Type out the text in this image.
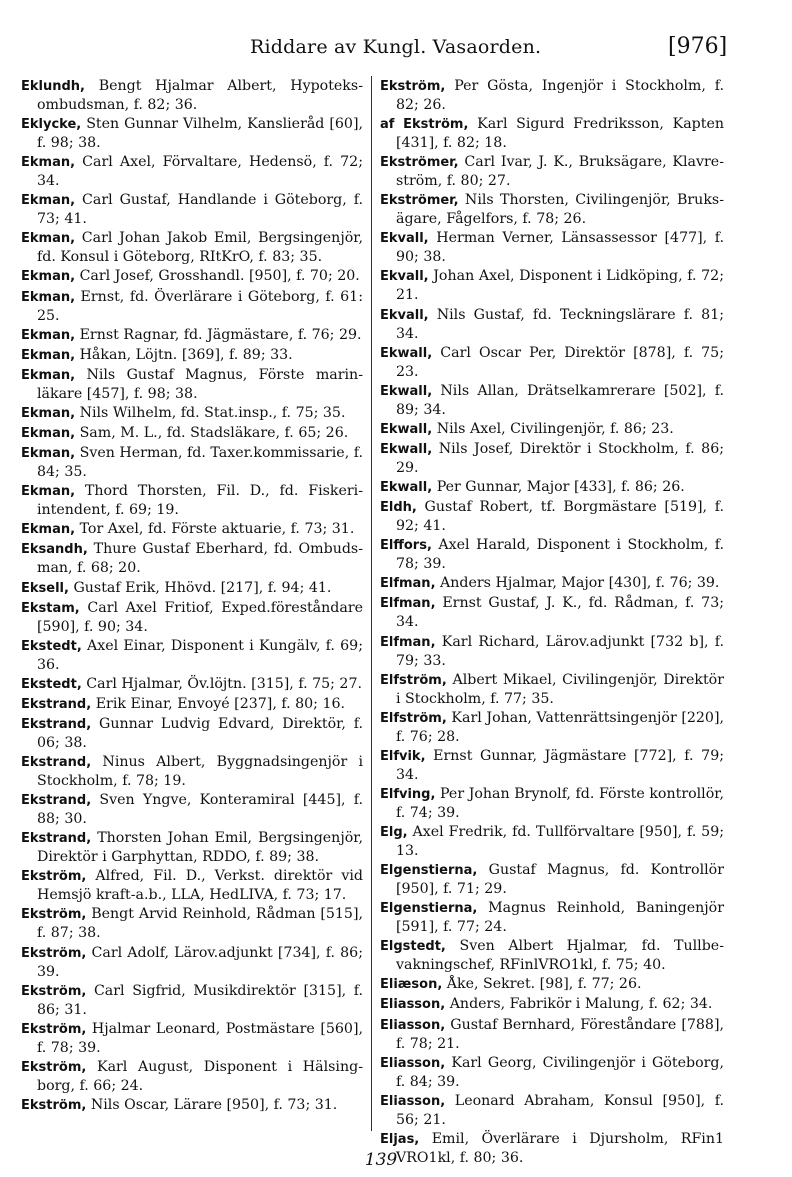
Riddare av Kungl. Vasaorden.	[976]
Eklundh, Bengt Hjalmar Albert, Hypoteksombudsman, f. 82; 36.
Eklycke, Sten Gunnar Vilhelm, Kanslieråd [60], f. 98; 38.
Ekman, Carl Axel, Förvaltare, Hedensö, f. 72; 34.
Ekman, Carl Gustaf, Handlande i Göteborg, f. 73; 41.
Ekman, Carl Johan Jakob Emil, Bergsingenjör, fd. Konsul i Göteborg, RItKrO, f. 83; 35.
Ekman, Carl Josef, Grosshandl. [950], f. 70; 20.
Ekman, Ernst, fd. Överlärare i Göteborg, f. 61: 25.
Ekman, Ernst Ragnar, fd. Jägmästare, f. 76; 29.
Ekman, Håkan, Löjtn. [369], f. 89; 33.
Ekman, Nils Gustaf Magnus, Förste marinläkare [457], f. 98; 38.
Ekman, Nils Wilhelm, fd. Stat.insp., f. 75; 35.
Ekman, Sam, M. L., fd. Stadsläkare, f. 65; 26.
Ekman, Sven Herman, fd. Taxer.kommissarie, f. 84; 35.
Ekman, Thord Thorsten, Fil. D., fd. Fiskeriintendent, f. 69; 19.
Ekman, Tor Axel, fd. Förste aktuarie, f. 73; 31.
Eksandh, Thure Gustaf Eberhard, fd. Ombudsman, f. 68; 20.
Eksell, Gustaf Erik, Hhövd. [217], f. 94; 41.
Ekstam, Carl Axel Fritiof, Exped.föreståndare [590], f. 90; 34.
Ekstedt, Axel Einar, Disponent i Kungälv, f. 69; 36.
Ekstedt, Carl Hjalmar, Öv.löjtn. [315], f. 75; 27.
Ekstrand, Erik Einar, Envoyé [237], f. 80; 16.
Ekstrand, Gunnar Ludvig Edvard, Direktör, f. 06; 38.
Ekstrand, Ninus Albert, Byggnadsingenjör i Stockholm, f. 78; 19.
Ekstrand, Sven Yngve, Konteramiral [445], f. 88; 30.
Ekstrand, Thorsten Johan Emil, Bergsingenjör, Direktör i Garphyttan, RDDO, f. 89; 38.
Ekström, Alfred, Fil. D., Verkst. direktör vid Hemsjö kraft-a.b., LLA, HedLIVA, f. 73; 17.
Ekström, Bengt Arvid Reinhold, Rådman [515], f. 87; 38.
Ekström, Carl Adolf, Lärov.adjunkt [734], f. 86; 39.
Ekström, Carl Sigfrid, Musikdirektör [315], f. 86; 31.
Ekström, Hjalmar Leonard, Postmästare [560], f. 78; 39.
Ekström, Karl August, Disponent i Hälsingborg, f. 66; 24.
Ekström, Nils Oscar, Lärare [950], f. 73; 31.
Ekström, Per Gösta, Ingenjör i Stockholm, f. 82; 26.
af Ekström, Karl Sigurd Fredriksson, Kapten [431], f. 82; 18.
Ekströmer, Carl Ivar, J. K., Bruksägare, Klavreström, f. 80; 27.
Ekströmer, Nils Thorsten, Civilingenjör, Bruksägare, Fågelfors, f. 78; 26.
Ekvall, Herman Verner, Länsassessor [477], f. 90; 38.
Ekvall, Johan Axel, Disponent i Lidköping, f. 72; 21.
Ekvall, Nils Gustaf, fd. Teckningslärare f. 81; 34.
Ekwall, Carl Oscar Per, Direktör [878], f. 75; 23.
Ekwall, Nils Allan, Drätselkamrerare [502], f. 89; 34.
Ekwall, Nils Axel, Civilingenjör, f. 86; 23.
Ekwall, Nils Josef, Direktör i Stockholm, f. 86; 29.
Ekwall, Per Gunnar, Major [433], f. 86; 26.
Eldh, Gustaf Robert, tf. Borgmästare [519], f. 92; 41.
Elffors, Axel Harald, Disponent i Stockholm, f. 78; 39.
Elfman, Anders Hjalmar, Major [430], f. 76; 39.
Elfman, Ernst Gustaf, J. K., fd. Rådman, f. 73; 34.
Elfman, Karl Richard, Lärov.adjunkt [732 b], f. 79; 33.
Elfström, Albert Mikael, Civilingenjör, Direktör i Stockholm, f. 77; 35.
Elfström, Karl Johan, Vattenrättsingenjör [220], f. 76; 28.
Elfvik, Ernst Gunnar, Jägmästare [772], f. 79; 34.
Elfving, Per Johan Brynolf, fd. Förste kontrollör, f. 74; 39.
Elg, Axel Fredrik, fd. Tullförvaltare [950], f. 59; 13.
Elgenstierna, Gustaf Magnus, fd. Kontrollör [950], f. 71; 29.
Elgenstierna, Magnus Reinhold, Baningenjör [591], f. 77; 24.
Elgstedt, Sven Albert Hjalmar, fd. Tullbevakningschef, RFinlVRO1kl, f. 75; 40.
Eliæson, Åke, Sekret. [98], f. 77; 26.
Eliasson, Anders, Fabrikör i Malung, f. 62; 34.
Eliasson, Gustaf Bernhard, Föreståndare [788], f. 78; 21.
Eliasson, Karl Georg, Civilingenjör i Göteborg, f. 84; 39.
Eliasson, Leonard Abraham, Konsul [950], f. 56; 21.
Eljas, Emil, Överlärare i Djursholm, RFin1 VRO1kl, f. 80; 36.
139
